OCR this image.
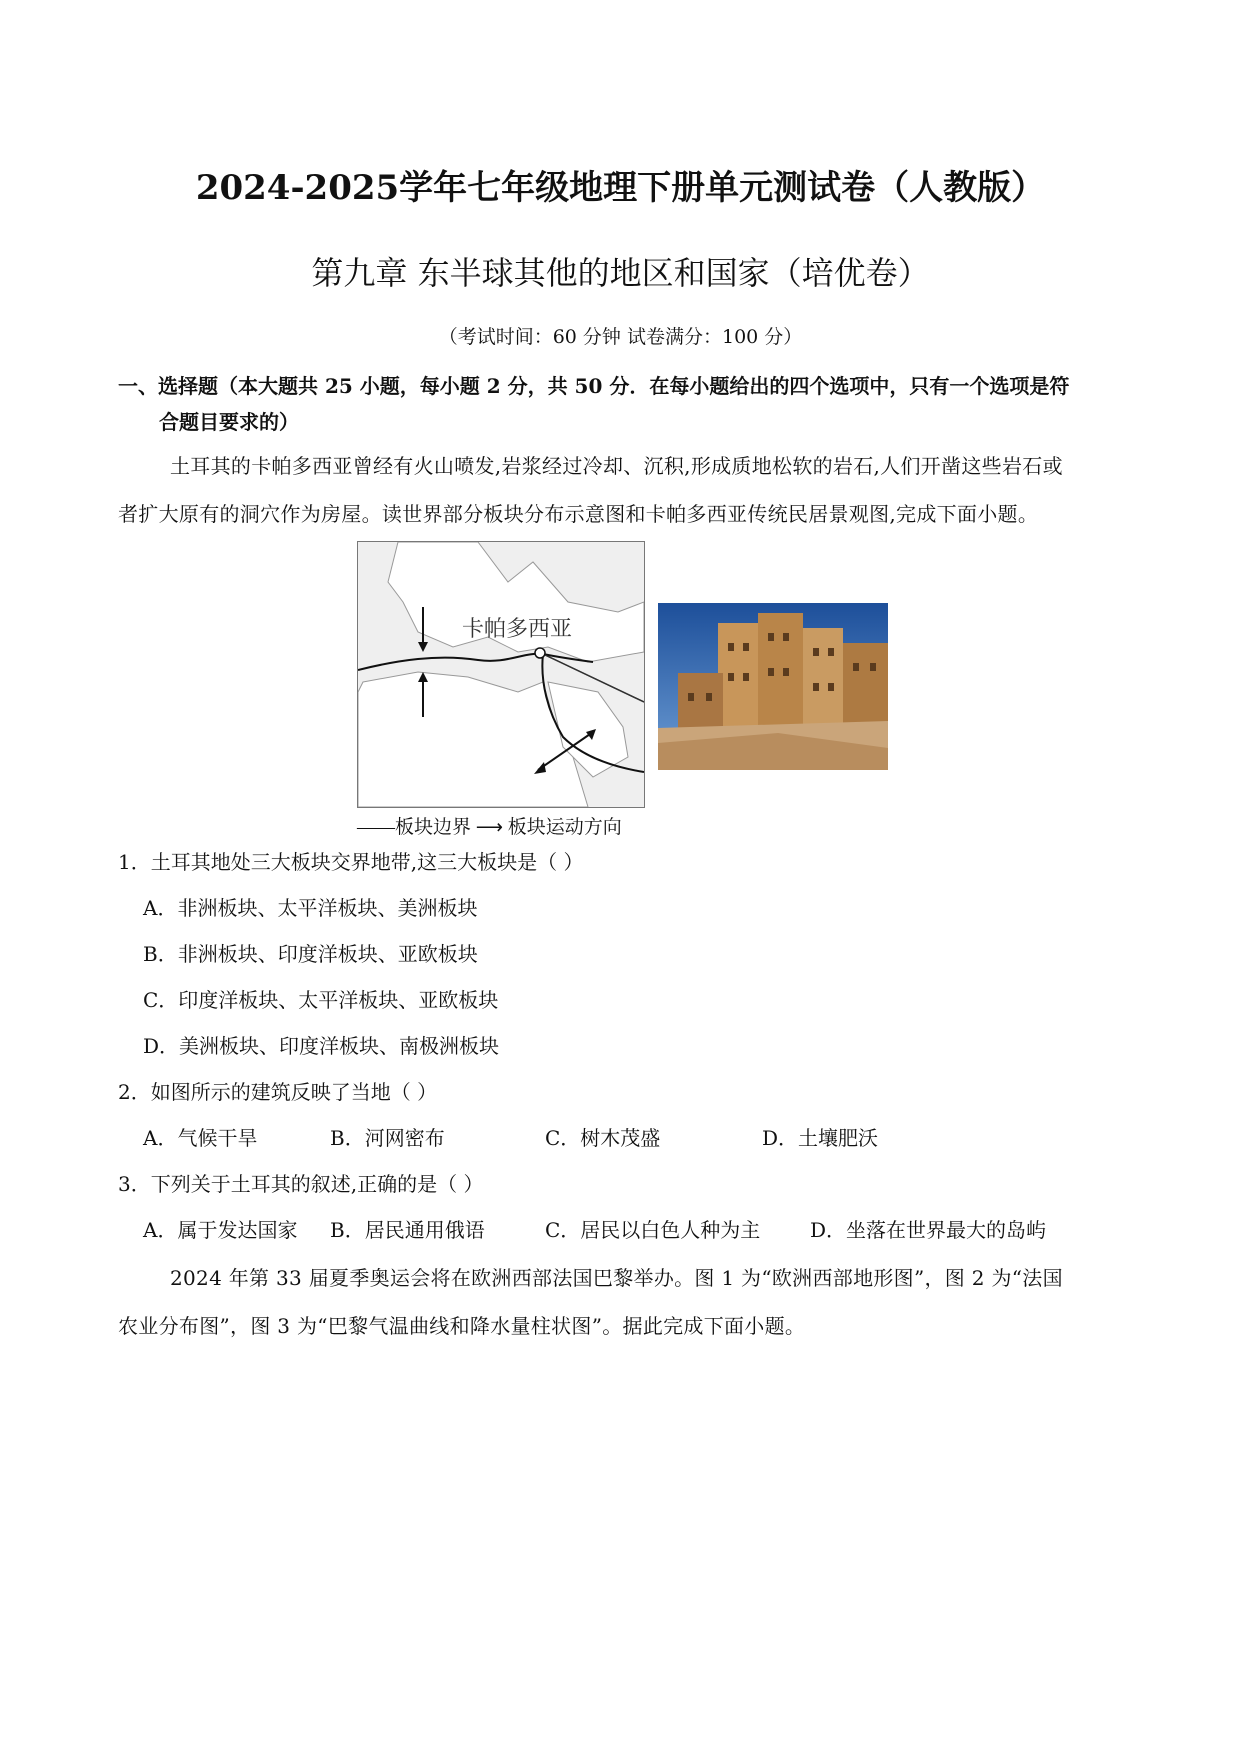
2024-2025学年七年级地理下册单元测试卷（人教版）
第九章 东半球其他的地区和国家（培优卷）
（考试时间：60 分钟 试卷满分：100 分）
一、选择题（本大题共 25 小题，每小题 2 分，共 50 分．在每小题给出的四个选项中，只有一个选项是符
合题目要求的）
土耳其的卡帕多西亚曾经有火山喷发,岩浆经过冷却、沉积,形成质地松软的岩石,人们开凿这些岩石或
者扩大原有的洞穴作为房屋。读世界部分板块分布示意图和卡帕多西亚传统民居景观图,完成下面小题。
卡帕多西亚
——板块边界 ⟶ 板块运动方向
1．土耳其地处三大板块交界地带,这三大板块是（ ）
A．非洲板块、太平洋板块、美洲板块
B．非洲板块、印度洋板块、亚欧板块
C．印度洋板块、太平洋板块、亚欧板块
D．美洲板块、印度洋板块、南极洲板块
2．如图所示的建筑反映了当地（ ）
A．气候干旱	B．河网密布	C．树木茂盛	D．土壤肥沃
3．下列关于土耳其的叙述,正确的是（ ）
A．属于发达国家 B．居民通用俄语	C．居民以白色人种为主 D．坐落在世界最大的岛屿
2024 年第 33 届夏季奥运会将在欧洲西部法国巴黎举办。图 1 为“欧洲西部地形图”，图 2 为“法国
农业分布图”，图 3 为“巴黎气温曲线和降水量柱状图”。据此完成下面小题。
